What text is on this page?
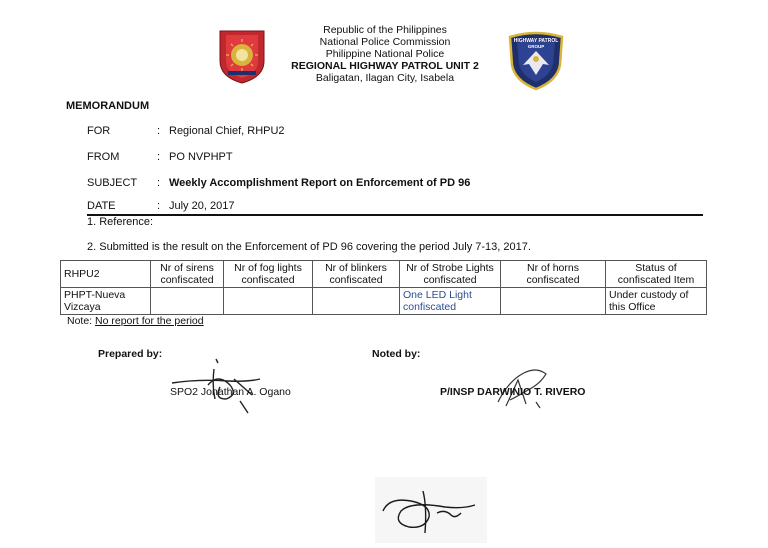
Republic of the Philippines
National Police Commission
Philippine National Police
REGIONAL HIGHWAY PATROL UNIT 2
Baligatan, Ilagan City, Isabela
HIGHWAY PATROL
GROUP
MEMORANDUM
FOR	: Regional Chief, RHPU2
FROM	: PO NVPHPT
SUBJECT : Weekly Accomplishment Report on Enforcement of PD 96
DATE	: July 20, 2017
1. Reference:
2. Submitted is the result on the Enforcement of PD 96 covering the period July 7-13, 2017.
RHPU2	Nr of sirens confiscated	Nr of fog lights confiscated	Nr of blinkers confiscated	Nr of Strobe Lights confiscated	Nr of horns confiscated	Status of confiscated Item
PHPT-Nueva Vizcaya				One LED Light confiscated		Under custody of this Office
Note: No report for the period
Prepared by:	Noted by:
SPO2 Jonathan A. Ogano	P/INSP DARWINIO T. RIVERO
